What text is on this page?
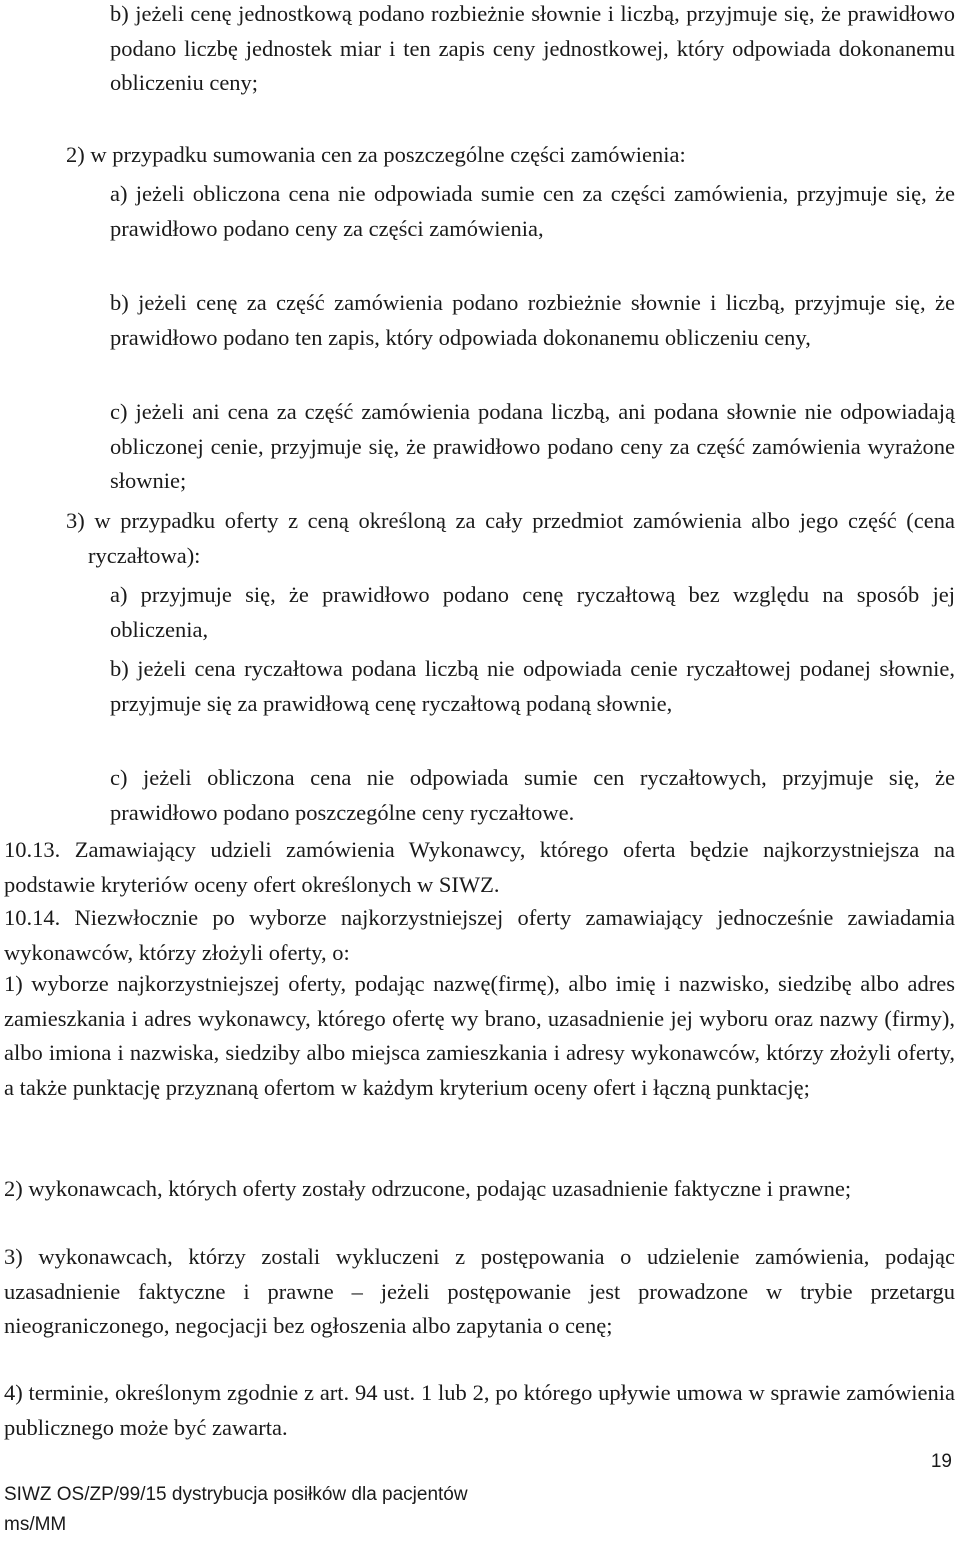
b) jeżeli cenę jednostkową podano rozbieżnie słownie i liczbą, przyjmuje się, że prawidłowo podano liczbę jednostek miar i ten zapis ceny jednostkowej, który odpowiada dokonanemu obliczeniu ceny;

2) w przypadku sumowania cen za poszczególne części zamówienia:

a) jeżeli obliczona cena nie odpowiada sumie cen za części zamówienia, przyjmuje się, że prawidłowo podano ceny za części zamówienia,

b) jeżeli cenę za część zamówienia podano rozbieżnie słownie i liczbą, przyjmuje się, że prawidłowo podano ten zapis, który odpowiada dokonanemu obliczeniu ceny,

c) jeżeli ani cena za część zamówienia podana liczbą, ani podana słownie nie odpowiadają obliczonej cenie, przyjmuje się, że prawidłowo podano ceny za część zamówienia wyrażone słownie;

3) w przypadku oferty z ceną określoną za cały przedmiot zamówienia albo jego część (cena ryczałtowa):

a) przyjmuje się, że prawidłowo podano cenę ryczałtową bez względu na sposób jej obliczenia,

b) jeżeli cena ryczałtowa podana liczbą nie odpowiada cenie ryczałtowej podanej słownie, przyjmuje się za prawidłową cenę ryczałtową podaną słownie,

c) jeżeli obliczona cena nie odpowiada sumie cen ryczałtowych, przyjmuje się, że prawidłowo podano poszczególne ceny ryczałtowe.

10.13. Zamawiający udzieli zamówienia Wykonawcy, którego oferta będzie najkorzystniejsza na podstawie kryteriów oceny ofert określonych w SIWZ.

10.14. Niezwłocznie po wyborze najkorzystniejszej oferty zamawiający jednocześnie zawiadamia wykonawców, którzy złożyli oferty, o:

1) wyborze najkorzystniejszej oferty, podając nazwę(firmę), albo imię i nazwisko, siedzibę albo adres zamieszkania i adres wykonawcy, którego ofertę wy brano, uzasadnienie jej wyboru oraz nazwy (firmy), albo imiona i nazwiska, siedziby albo miejsca zamieszkania i adresy wykonawców, którzy złożyli oferty, a także punktację przyznaną ofertom w każdym kryterium oceny ofert i łączną punktację;

2) wykonawcach, których oferty zostały odrzucone, podając uzasadnienie faktyczne i prawne;

3) wykonawcach, którzy zostali wykluczeni z postępowania o udzielenie zamówienia, podając uzasadnienie faktyczne i prawne – jeżeli postępowanie jest prowadzone w trybie przetargu nieograniczonego, negocjacji bez ogłoszenia albo zapytania o cenę;

4) terminie, określonym zgodnie z art. 94 ust. 1 lub 2, po którego upływie umowa w sprawie zamówienia publicznego może być zawarta.

19
SIWZ OS/ZP/99/15 dystrybucja posiłków dla pacjentów
ms/MM
